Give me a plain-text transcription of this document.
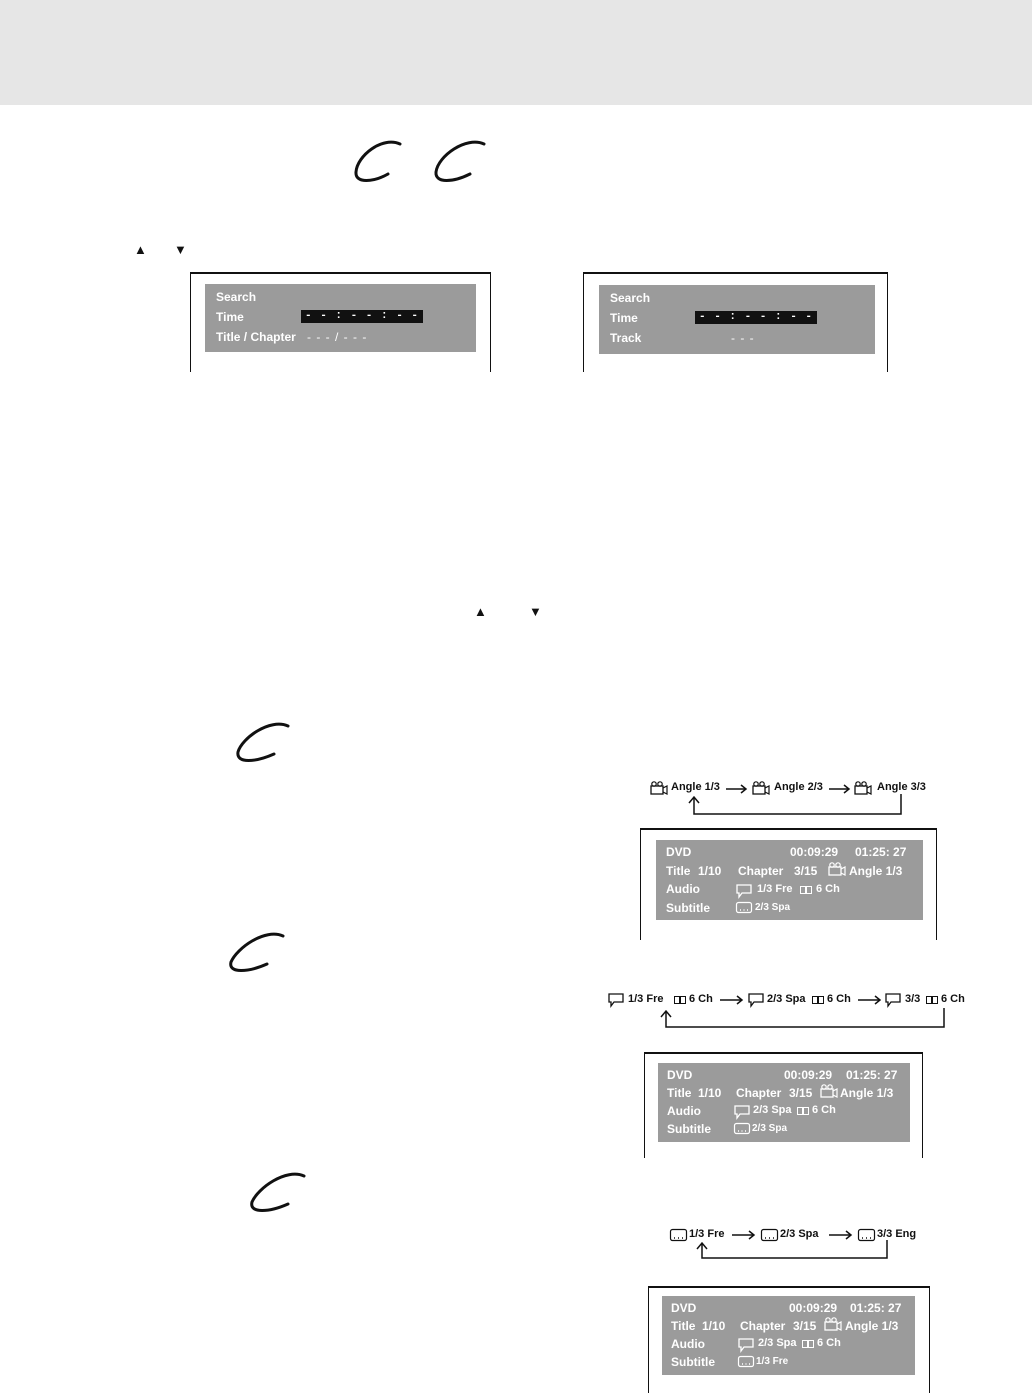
▲ ▼
Search
Time	- - : - - : - -
Title / Chapter - - - / - - -
Search
Time	- - : - - : - -
Track	- - -
▲	▼
Angle 1/3	Angle 2/3	Angle 3/3
DVD	00:09:29 01:25: 27
Title 1/10 Chapter 3/15	Angle 1/3
Audio	1/3 Fre 6 Ch
Subtitle	2/3 Spa
1/3 Fre 6 Ch	2/3 Spa 6 Ch	3/3 6 Ch
DVD	00:09:29 01:25: 27
Title 1/10 Chapter 3/15 Angle 1/3
Audio	2/3 Spa 6 Ch
Subtitle	2/3 Spa
1/3 Fre	2/3 Spa	3/3 Eng
DVD	00:09:29 01:25: 27
Title 1/10 Chapter 3/15 Angle 1/3
Audio	2/3 Spa 6 Ch
Subtitle	1/3 Fre
